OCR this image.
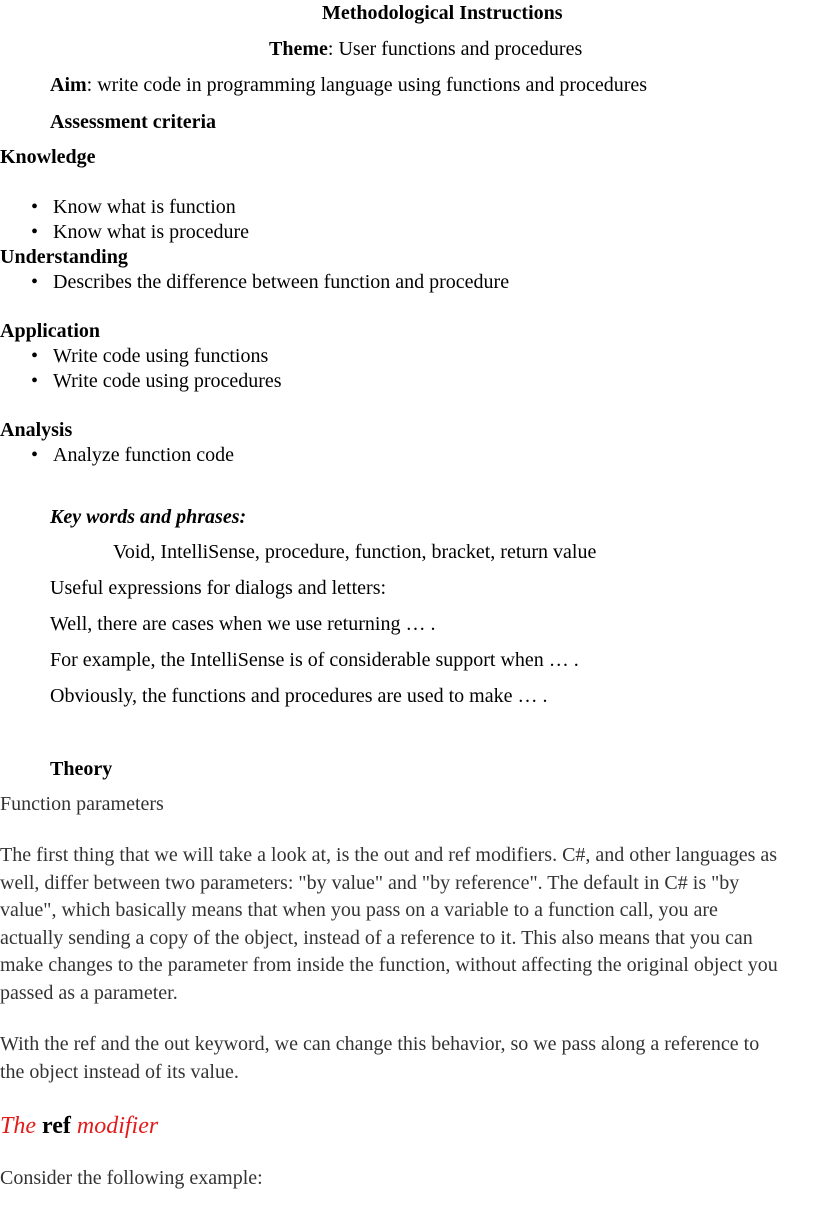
Methodological Instructions
Theme: User functions and procedures
Aim: write code in programming language using functions and procedures
Assessment criteria
Knowledge
• Know what is function
• Know what is procedure
Understanding
• Describes the difference between function and procedure
Application
• Write code using functions
• Write code using procedures
Analysis
• Analyze function code
Key words and phrases:
Void, IntelliSense, procedure, function, bracket, return value
Useful expressions for dialogs and letters:
Well, there are cases when we use returning … .
For example, the IntelliSense is of considerable support when … .
Obviously, the functions and procedures are used to make … .
Theory
Function parameters
The first thing that we will take a look at, is the out and ref modifiers. C#, and other languages as
well, differ between two parameters: "by value" and "by reference". The default in C# is "by
value", which basically means that when you pass on a variable to a function call, you are
actually sending a copy of the object, instead of a reference to it. This also means that you can
make changes to the parameter from inside the function, without affecting the original object you
passed as a parameter.
With the ref and the out keyword, we can change this behavior, so we pass along a reference to
the object instead of its value.
The ref modifier
Consider the following example:
